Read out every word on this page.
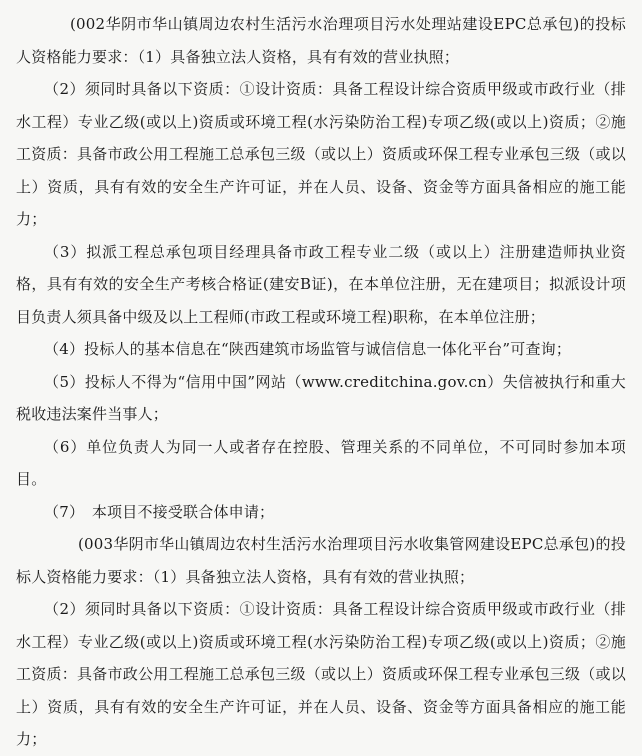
(002华阴市华山镇周边农村生活污水治理项目污水处理站建设EPC总承包)的投标人资格能力要求：（1）具备独立法人资格，具有有效的营业执照；

（2）须同时具备以下资质：①设计资质：具备工程设计综合资质甲级或市政行业（排水工程）专业乙级(或以上)资质或环境工程(水污染防治工程)专项乙级(或以上)资质；②施工资质：具备市政公用工程施工总承包三级（或以上）资质或环保工程专业承包三级（或以上）资质，具有有效的安全生产许可证，并在人员、设备、资金等方面具备相应的施工能力；

（3）拟派工程总承包项目经理具备市政工程专业二级（或以上）注册建造师执业资格，具有有效的安全生产考核合格证(建安B证)，在本单位注册，无在建项目；拟派设计项目负责人须具备中级及以上工程师(市政工程或环境工程)职称，在本单位注册；

（4）投标人的基本信息在“陕西建筑市场监管与诚信信息一体化平台”可查询；

（5）投标人不得为“信用中国”网站（www.creditchina.gov.cn）失信被执行和重大税收违法案件当事人；

（6）单位负责人为同一人或者存在控股、管理关系的不同单位，不可同时参加本项目。

（7）　本项目不接受联合体申请；

(003华阴市华山镇周边农村生活污水治理项目污水收集管网建设EPC总承包)的投标人资格能力要求：（1）具备独立法人资格，具有有效的营业执照；

（2）须同时具备以下资质：①设计资质：具备工程设计综合资质甲级或市政行业（排水工程）专业乙级(或以上)资质或环境工程(水污染防治工程)专项乙级(或以上)资质；②施工资质：具备市政公用工程施工总承包三级（或以上）资质或环保工程专业承包三级（或以上）资质，具有有效的安全生产许可证，并在人员、设备、资金等方面具备相应的施工能力；
